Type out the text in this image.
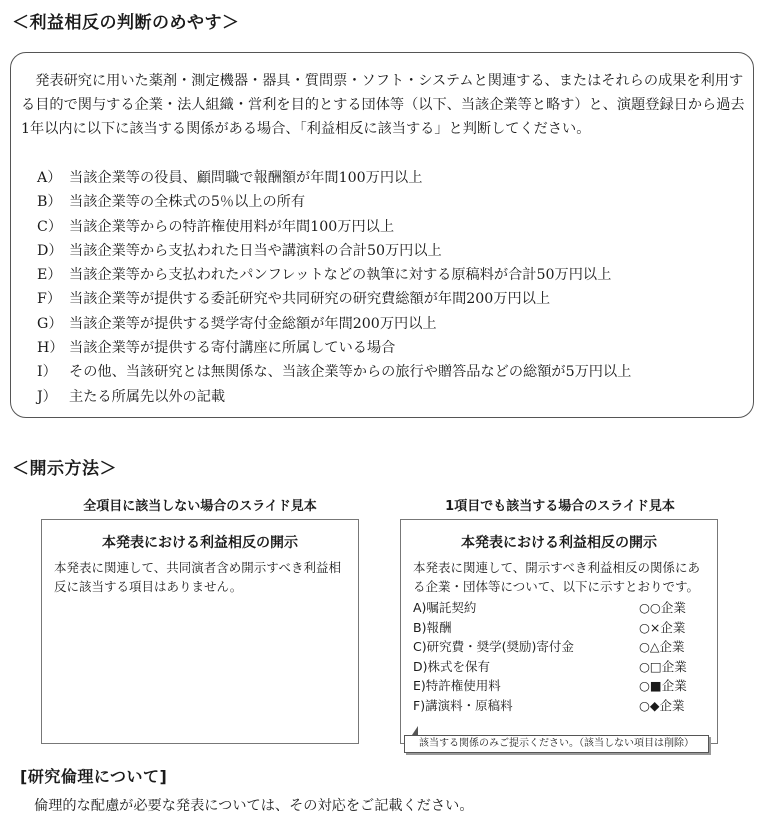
＜利益相反の判断のめやす＞

発表研究に用いた薬剤・測定機器・器具・質問票・ソフト・システムと関連する、またはそれらの成果を利用する目的で関与する企業・法人組織・営利を目的とする団体等（以下、当該企業等と略す）と、演題登録日から過去1年以内に以下に該当する関係がある場合、「利益相反に該当する」と判断してください。

A） 当該企業等の役員、顧問職で報酬額が年間100万円以上
B） 当該企業等の全株式の5％以上の所有
C） 当該企業等からの特許権使用料が年間100万円以上
D） 当該企業等から支払われた日当や講演料の合計50万円以上
E） 当該企業等から支払われたパンフレットなどの執筆に対する原稿料が合計50万円以上
F） 当該企業等が提供する委託研究や共同研究の研究費総額が年間200万円以上
G） 当該企業等が提供する奨学寄付金総額が年間200万円以上
H） 当該企業等が提供する寄付講座に所属している場合
I） その他、当該研究とは無関係な、当該企業等からの旅行や贈答品などの総額が5万円以上
J） 主たる所属先以外の記載
＜開示方法＞
全項目に該当しない場合のスライド見本	1項目でも該当する場合のスライド見本
本発表における利益相反の開示

本発表に関連して、共同演者含め開示すべき利益相反に該当する項目はありません。

本発表における利益相反の開示

本発表に関連して、開示すべき利益相反の関係にある企業・団体等について、以下に示すとおりです。

A)嘱託契約	○○企業
B)報酬	○×企業
C)研究費・奨学(奨励)寄付金	○△企業
D)株式を保有	○□企業
E)特許権使用料	○■企業
F)講演料・原稿料	○◆企業
該当する関係のみご提示ください。（該当しない項目は削除）
[研究倫理について]

倫理的な配慮が必要な発表については、その対応をご記載ください。
